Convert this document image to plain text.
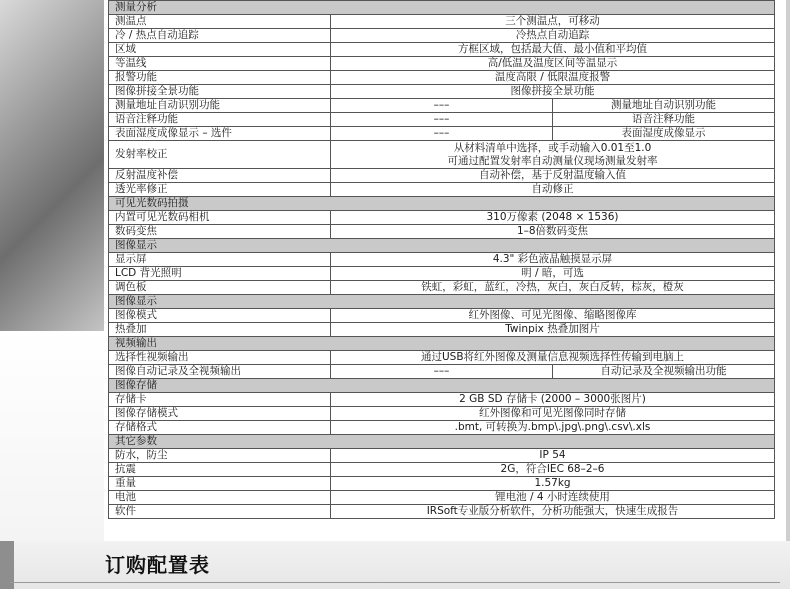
测量分析		
测温点	三个测温点，可移动	
冷 / 热点自动追踪	冷热点自动追踪	
区域	方框区域，包括最大值、最小值和平均值	
等温线	高/低温及温度区间等温显示	
报警功能	温度高限 / 低限温度报警	
图像拼接全景功能	图像拼接全景功能	
测量地址自动识别功能	–––	测量地址自动识别功能
语音注释功能	–––	语音注释功能
表面湿度成像显示 – 选件	–––	表面湿度成像显示
发射率校正	从材料清单中选择，或手动输入0.01至1.0
可通过配置发射率自动测量仪现场测量发射率	

反射温度补偿	自动补偿，基于反射温度输入值	
透光率修正	自动修正	
可见光数码拍摄		
内置可见光数码相机	310万像素 (2048 × 1536)	
数码变焦	1–8倍数码变焦	
图像显示		
显示屏	4.3" 彩色液晶触摸显示屏	
LCD 背光照明	明 / 暗，可选	
调色板	铁虹，彩虹，蓝红，冷热，灰白，灰白反转，棕灰，橙灰	
图像显示		
图像模式	红外图像、可见光图像、缩略图像库	
热叠加	Twinpix 热叠加图片	
视频输出		
选择性视频输出	通过USB将红外图像及测量信息视频选择性传输到电脑上	
图像自动记录及全视频输出	–––	自动记录及全视频输出功能
图像存储		
存储卡	2 GB SD 存储卡 (2000 – 3000张图片)	
图像存储模式	红外图像和可见光图像同时存储	
存储格式	.bmt, 可转换为.bmp\.jpg\.png\.csv\.xls	
其它参数		
防水，防尘	IP 54	
抗震	2G，符合IEC 68–2–6	
重量	1.57kg	
电池	锂电池 / 4 小时连续使用	
软件	IRSoft专业版分析软件，分析功能强大，快速生成报告	
订购配置表
